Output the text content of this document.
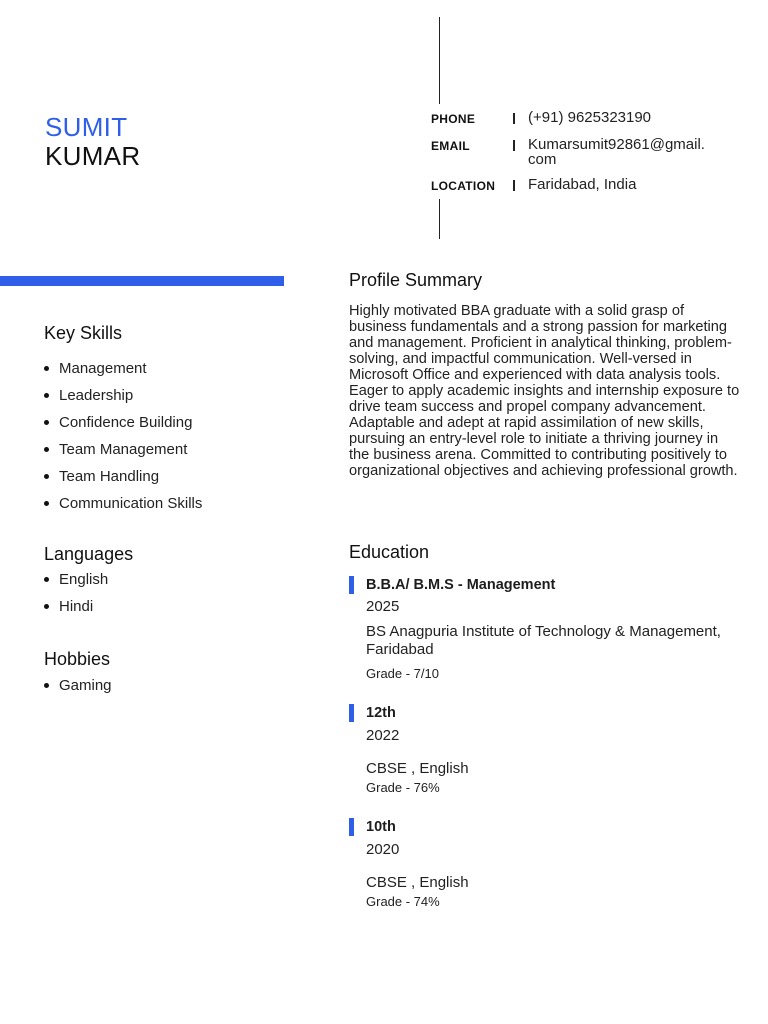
SUMIT
KUMAR
PHONE	(+91) 9625323190
EMAIL	Kumarsumit92861@gmail.
com
LOCATION Faridabad, India
Key Skills
Management
Leadership
Confidence Building
Team Management
Team Handling
Communication Skills
Languages
English
Hindi
Hobbies
Gaming
Profile Summary
Highly motivated BBA graduate with a solid grasp of business fundamentals and a strong passion for marketing and management. Proficient in analytical thinking, problem-solving, and impactful communication. Well-versed in Microsoft Office and experienced with data analysis tools. Eager to apply academic insights and internship exposure to drive team success and propel company advancement. Adaptable and adept at rapid assimilation of new skills, pursuing an entry-level role to initiate a thriving journey in the business arena. Committed to contributing positively to organizational objectives and achieving professional growth.
Education
B.B.A/ B.M.S - Management
2025
BS Anagpuria Institute of Technology & Management, Faridabad
Grade - 7/10
12th
2022
CBSE , English
Grade - 76%
10th
2020
CBSE , English
Grade - 74%
